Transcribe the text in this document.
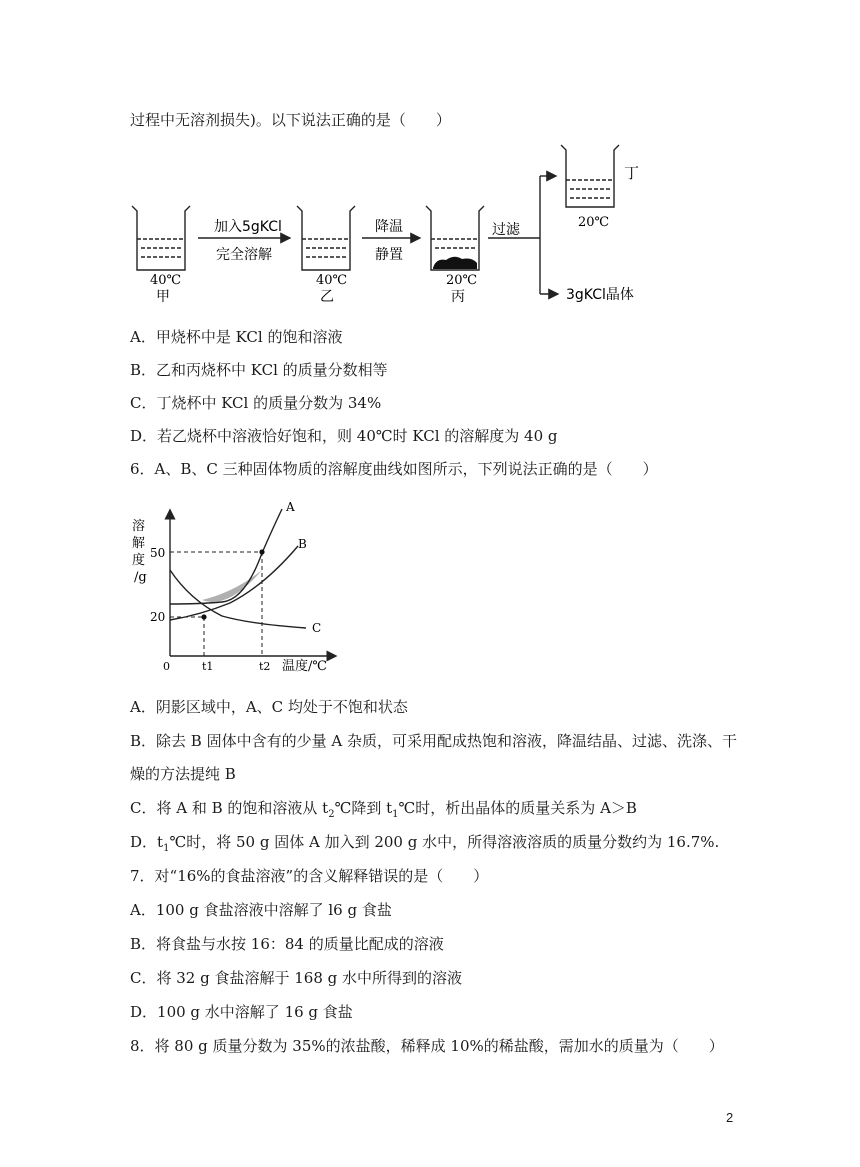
过程中无溶剂损失)。以下说法正确的是（　　）
加入5gKCl
完全溶解
降温
静置
过滤
40℃
甲
40℃
乙
20℃
丙
丁
20℃
3gKCl晶体
A．甲烧杯中是 KCl 的饱和溶液
B．乙和丙烧杯中 KCl 的质量分数相等
C．丁烧杯中 KCl 的质量分数为 34%
D．若乙烧杯中溶液恰好饱和，则 40℃时 KCl 的溶解度为 40 g
6．A、B、C 三种固体物质的溶解度曲线如图所示，下列说法正确的是（　　）
溶
解
度
/g
50
20
0	t1	t2 温度/℃
A
B
C
A．阴影区域中，A、C 均处于不饱和状态
B．除去 B 固体中含有的少量 A 杂质，可采用配成热饱和溶液，降温结晶、过滤、洗涤、干
燥的方法提纯 B
C．将 A 和 B 的饱和溶液从 $t_2℃$降到 $t_1℃$时，析出晶体的质量关系为 A＞B
D．$t_1℃$时，将 50 g 固体 A 加入到 200 g 水中，所得溶液溶质的质量分数约为 16.7%.
7．对“16%的食盐溶液”的含义解释错误的是（　　）
A．100 g 食盐溶液中溶解了 l6 g 食盐
B．将食盐与水按 16：84 的质量比配成的溶液
C．将 32 g 食盐溶解于 168 g 水中所得到的溶液
D．100 g 水中溶解了 16 g 食盐
8．将 80 g 质量分数为 35%的浓盐酸，稀释成 10%的稀盐酸，需加水的质量为（　　）
2
